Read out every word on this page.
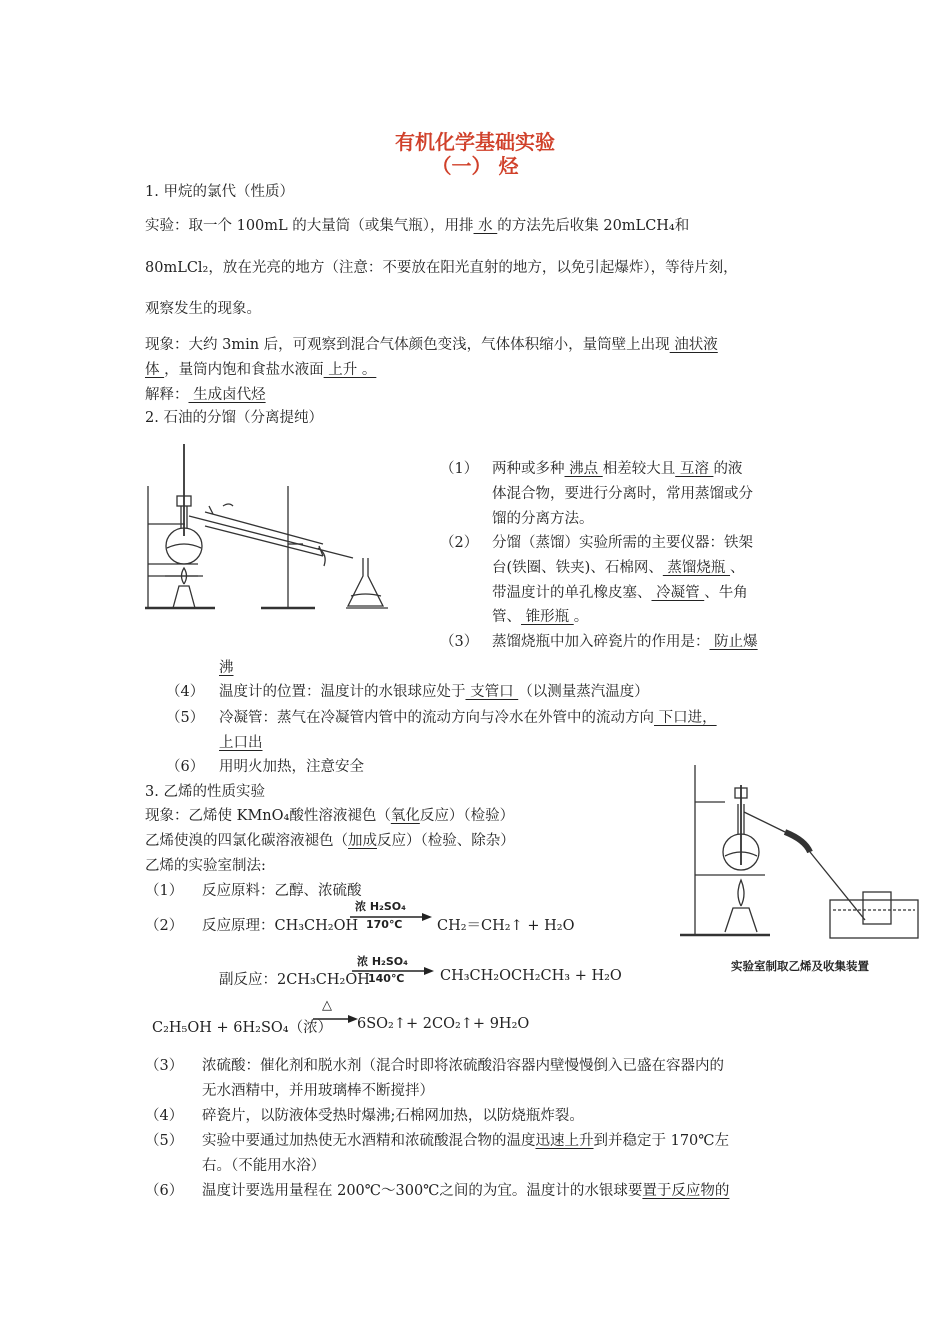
有机化学基础实验
（一） 烃
1. 甲烷的氯代（性质）
实验：取一个 100mL 的大量筒（或集气瓶），用排 水 的方法先后收集 20mLCH₄和
80mLCl₂，放在光亮的地方（注意：不要放在阳光直射的地方，以免引起爆炸），等待片刻，
观察发生的现象。
现象：大约 3min 后，可观察到混合气体颜色变浅，气体体积缩小，量筒壁上出现 油状液
体 ，量筒内饱和食盐水液面 上升 。
解释： 生成卤代烃
2. 石油的分馏（分离提纯）
（1） 两种或多种 沸点 相差较大且 互溶 的液
体混合物，要进行分离时，常用蒸馏或分
馏的分离方法。
（2） 分馏（蒸馏）实验所需的主要仪器：铁架
台(铁圈、铁夹)、石棉网、 蒸馏烧瓶 、
带温度计的单孔橡皮塞、 冷凝管 、牛角
管、 锥形瓶 。
（3） 蒸馏烧瓶中加入碎瓷片的作用是： 防止爆
沸
（4） 温度计的位置：温度计的水银球应处于 支管口 （以测量蒸汽温度）
（5） 冷凝管：蒸气在冷凝管内管中的流动方向与冷水在外管中的流动方向 下口进，
上口出
（6） 用明火加热，注意安全
3. 乙烯的性质实验
现象：乙烯使 KMnO₄酸性溶液褪色（氧化反应）（检验）
乙烯使溴的四氯化碳溶液褪色（加成反应）（检验、除杂）
乙烯的实验室制法:
（1） 反应原料：乙醇、浓硫酸
（2） 反应原理：CH₃CH₂OH
浓 H₂SO₄
170℃ CH₂＝CH₂↑ + H₂O
副反应：2CH₃CH₂OH
浓 H₂SO₄
140℃ CH₃CH₂OCH₂CH₃ + H₂O
C₂H₅OH + 6H₂SO₄（浓）
△
6SO₂↑+ 2CO₂↑+ 9H₂O
实验室制取乙烯及收集装置
（3） 浓硫酸：催化剂和脱水剂（混合时即将浓硫酸沿容器内壁慢慢倒入已盛在容器内的
无水酒精中，并用玻璃棒不断搅拌）
（4） 碎瓷片，以防液体受热时爆沸;石棉网加热，以防烧瓶炸裂。
（5） 实验中要通过加热使无水酒精和浓硫酸混合物的温度迅速上升到并稳定于 170℃左
右。（不能用水浴）
（6） 温度计要选用量程在 200℃～300℃之间的为宜。温度计的水银球要置于反应物的
